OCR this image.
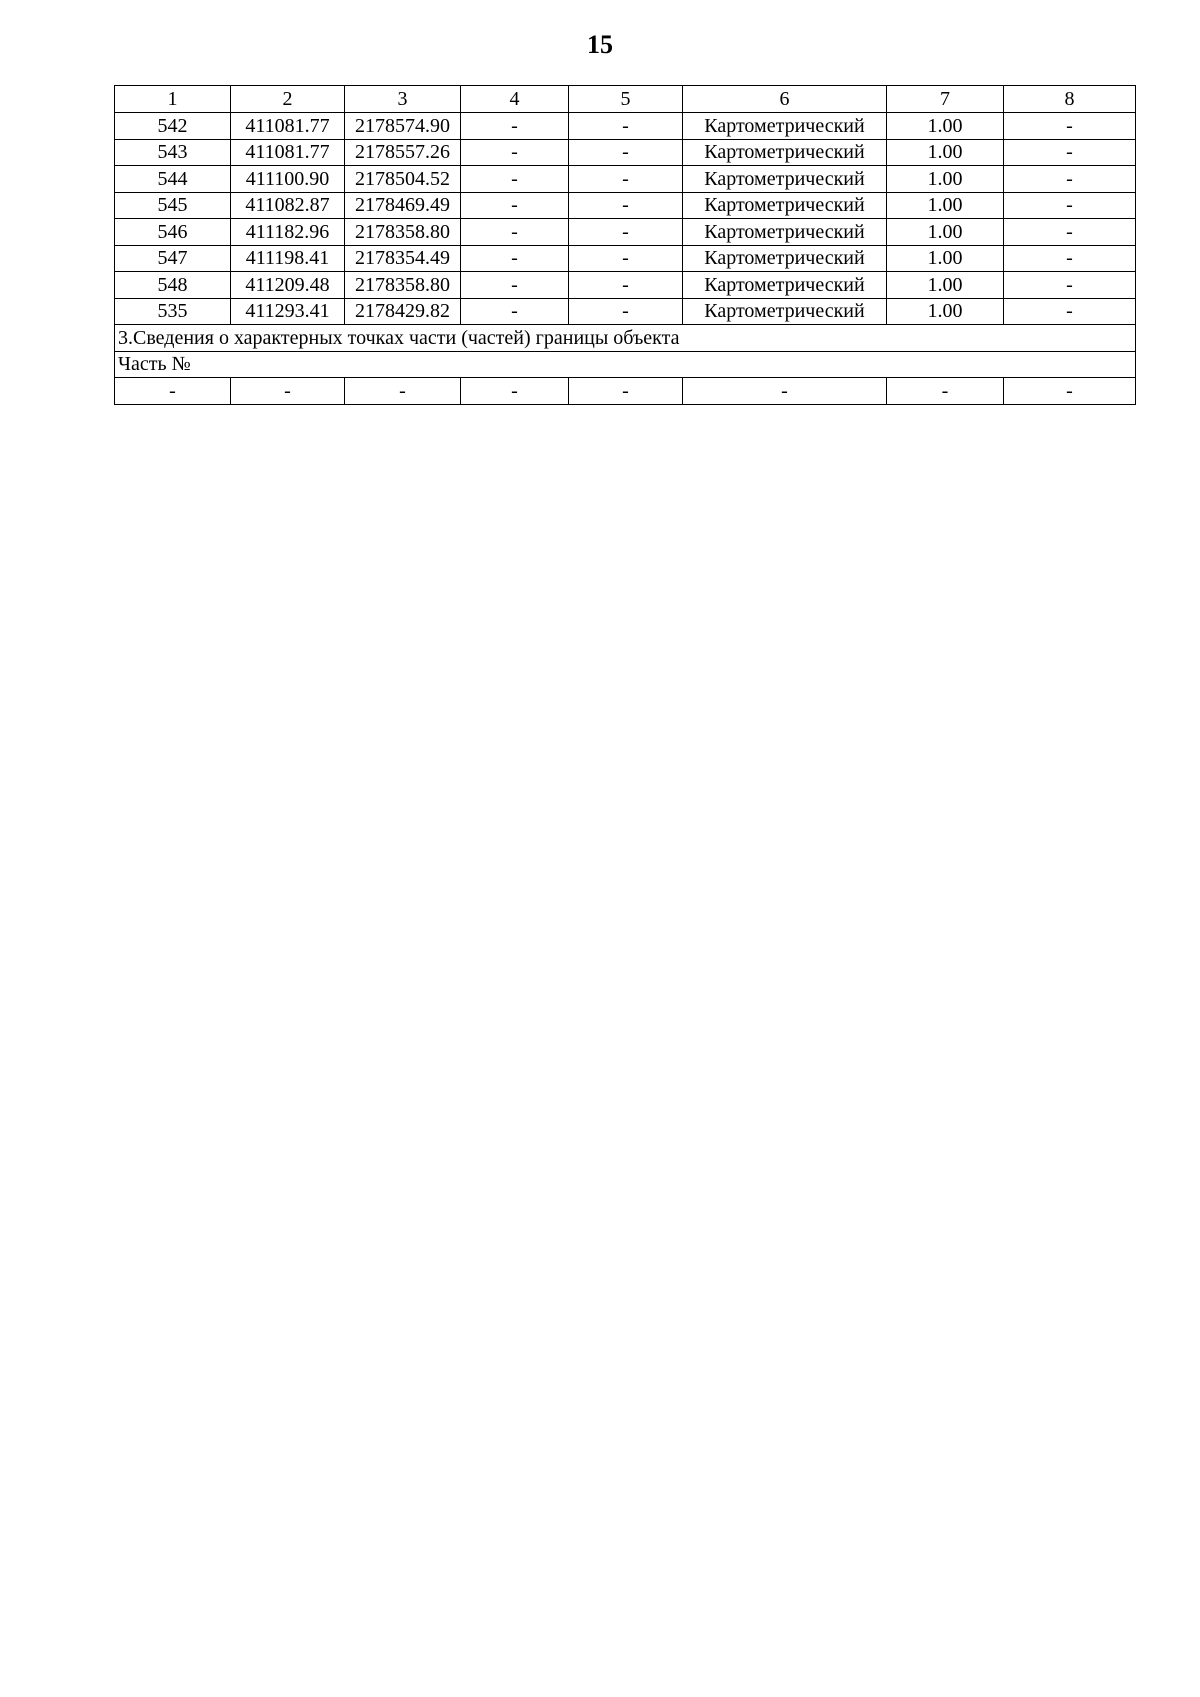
15
1	2	3	4	5	6	7	8
542	411081.77	2178574.90	-	-	Картометрический	1.00	-
543	411081.77	2178557.26	-	-	Картометрический	1.00	-
544	411100.90	2178504.52	-	-	Картометрический	1.00	-
545	411082.87	2178469.49	-	-	Картометрический	1.00	-
546	411182.96	2178358.80	-	-	Картометрический	1.00	-
547	411198.41	2178354.49	-	-	Картометрический	1.00	-
548	411209.48	2178358.80	-	-	Картометрический	1.00	-
535	411293.41	2178429.82	-	-	Картометрический	1.00	-
3.Сведения о характерных точках части (частей) границы объекта							
Часть №							
-	-	-	-	-	-	-	-
